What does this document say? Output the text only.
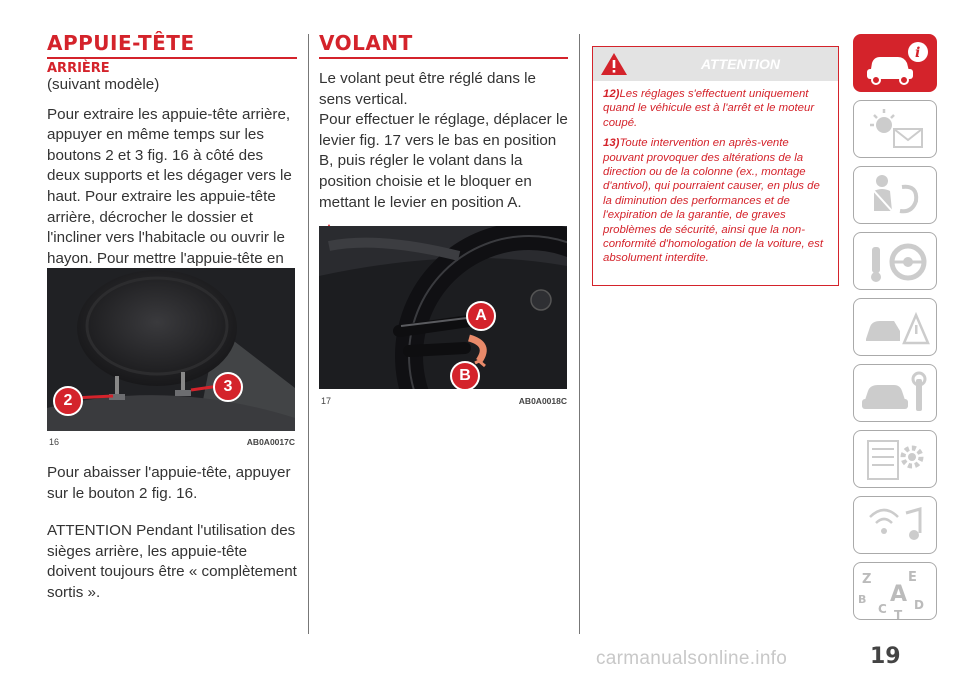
APPUIE-TÊTE
ARRIÈRE

(suivant modèle)

Pour extraire les appuie-tête arrière, appuyer en même temps sur les boutons 2 et 3 fig. 16 à côté des deux supports et les dégager vers le haut. Pour extraire les appuie-tête arrière, décrocher le dossier et l'incliner vers l'habitacle ou ouvrir le hayon. Pour mettre l'appuie-tête en

2
3
16	AB0A0017C

Pour abaisser l'appuie-tête, appuyer sur le bouton 2 fig. 16.

ATTENTION Pendant l'utilisation des sièges arrière, les appuie-tête doivent toujours être « complètement sortis ».

VOLANT

Le volant peut être réglé dans le sens vertical.
Pour effectuer le réglage, déplacer le levier fig. 17 vers le bas en position B, puis régler le volant dans la position choisie et le bloquer en mettant le levier en position A.

A
B
17	AB0A0018C
ATTENTION

12)Les réglages s'effectuent uniquement quand le véhicule est à l'arrêt et le moteur coupé.

13)Toute intervention en après-vente pouvant provoquer des altérations de la direction ou de la colonne (ex., montage d'antivol), qui pourraient causer, en plus de la diminution des performances et de l'expiration de la garantie, de graves problèmes de sécurité, ainsi que la non-conformité d'homologation de la voiture, est absolument interdite.

i
Z	E
B A
C D
T
19
carmanualsonline.info
